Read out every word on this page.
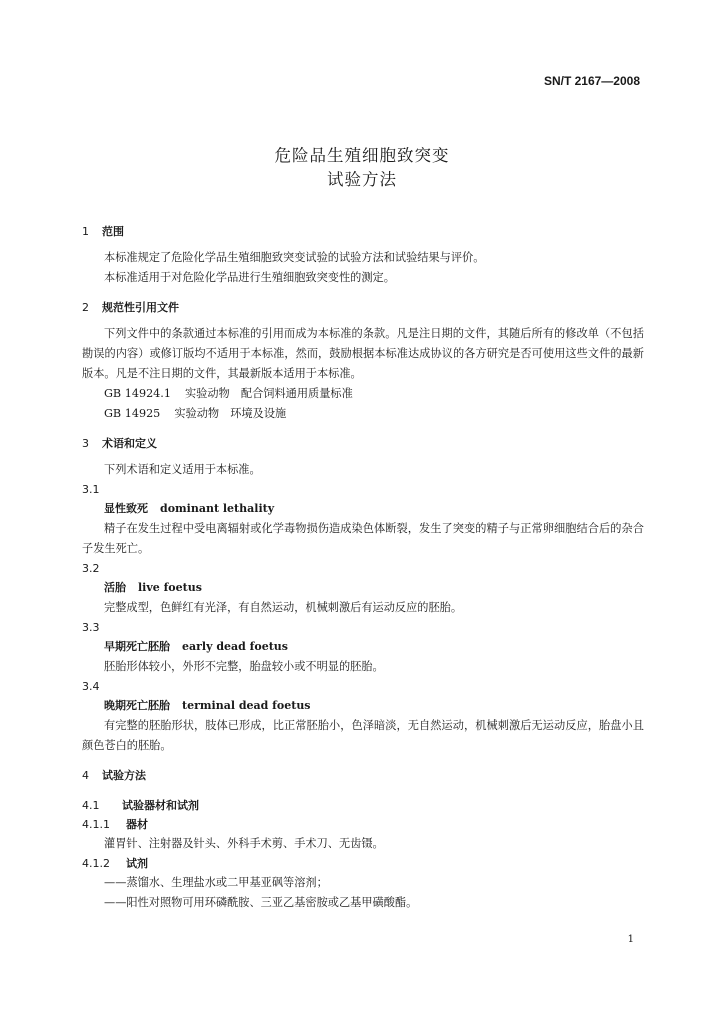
SN/T 2167—2008
危险品生殖细胞致突变
试验方法
1 范围

本标准规定了危险化学品生殖细胞致突变试验的试验方法和试验结果与评价。

本标准适用于对危险化学品进行生殖细胞致突变性的测定。

2 规范性引用文件

下列文件中的条款通过本标准的引用而成为本标准的条款。凡是注日期的文件，其随后所有的修改单（不包括勘误的内容）或修订版均不适用于本标准，然而，鼓励根据本标准达成协议的各方研究是否可使用这些文件的最新版本。凡是不注日期的文件，其最新版本适用于本标准。

GB 14924.1 实验动物　配合饲料通用质量标准

GB 14925 实验动物　环境及设施

3 术语和定义

下列术语和定义适用于本标准。

3.1
显性致死 dominant lethality

精子在发生过程中受电离辐射或化学毒物损伤造成染色体断裂，发生了突变的精子与正常卵细胞结合后的杂合子发生死亡。

3.2
活胎 live foetus

完整成型，色鲜红有光泽，有自然运动，机械刺激后有运动反应的胚胎。

3.3
早期死亡胚胎 early dead foetus

胚胎形体较小，外形不完整，胎盘较小或不明显的胚胎。

3.4
晚期死亡胚胎 terminal dead foetus

有完整的胚胎形状，肢体已形成，比正常胚胎小，色泽暗淡，无自然运动，机械刺激后无运动反应，胎盘小且颜色苍白的胚胎。

4 试验方法
4.1 试验器材和试剂
4.1.1 器材

灌胃针、注射器及针头、外科手术剪、手术刀、无齿镊。

4.1.2 试剂

——蒸馏水、生理盐水或二甲基亚砜等溶剂；

——阳性对照物可用环磷酰胺、三亚乙基密胺或乙基甲磺酸酯。

1
